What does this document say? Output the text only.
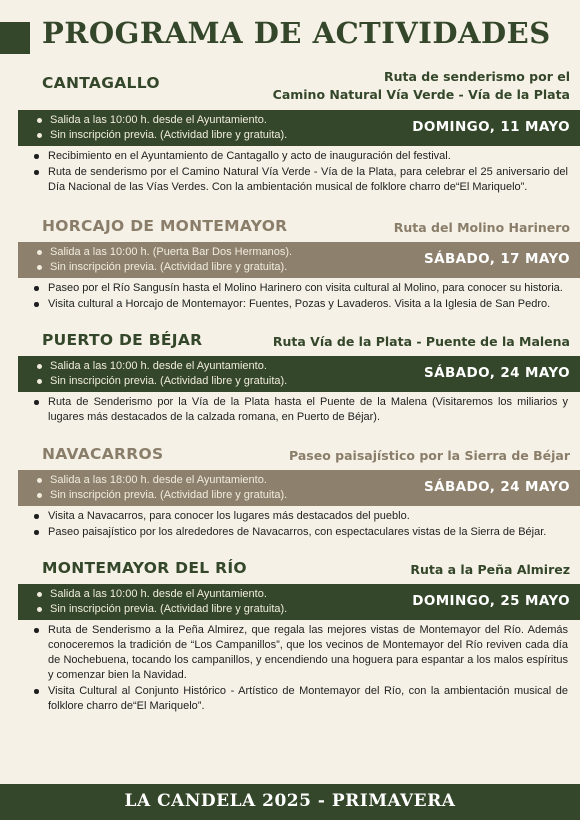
PROGRAMA DE ACTIVIDADES
CANTAGALLO	Ruta de senderismo por el
Camino Natural Vía Verde - Vía de la Plata
Salida a las 10:00 h. desde el Ayuntamiento.
Sin inscripción previa. (Actividad libre y gratuita).	DOMINGO, 11 MAYO
Recibimiento en el Ayuntamiento de Cantagallo y acto de inauguración del festival.
Ruta de senderismo por el Camino Natural Vía Verde - Vía de la Plata, para celebrar el 25 aniversario del Día Nacional de las Vías Verdes. Con la ambientación musical de folklore charro de“El Mariquelo”.
HORCAJO DE MONTEMAYOR	Ruta del Molino Harinero
Salida a las 10:00 h. (Puerta Bar Dos Hermanos).
Sin inscripción previa. (Actividad libre y gratuita).	SÁBADO, 17 MAYO
Paseo por el Río Sangusín hasta el Molino Harinero con visita cultural al Molino, para conocer su historia.
Visita cultural a Horcajo de Montemayor: Fuentes, Pozas y Lavaderos. Visita a la Iglesia de San Pedro.
PUERTO DE BÉJAR	Ruta Vía de la Plata - Puente de la Malena
Salida a las 10:00 h. desde el Ayuntamiento.
Sin inscripción previa. (Actividad libre y gratuita).	SÁBADO, 24 MAYO
Ruta de Senderismo por la Vía de la Plata hasta el Puente de la Malena (Visitaremos los miliarios y lugares más destacados de la calzada romana, en Puerto de Béjar).
NAVACARROS	Paseo paisajístico por la Sierra de Béjar
Salida a las 18:00 h. desde el Ayuntamiento.
Sin inscripción previa. (Actividad libre y gratuita).	SÁBADO, 24 MAYO
Visita a Navacarros, para conocer los lugares más destacados del pueblo.
Paseo paisajístico por los alrededores de Navacarros, con espectaculares vistas de la Sierra de Béjar.
MONTEMAYOR DEL RÍO	Ruta a la Peña Almirez
Salida a las 10:00 h. desde el Ayuntamiento.
Sin inscripción previa. (Actividad libre y gratuita).	DOMINGO, 25 MAYO
Ruta de Senderismo a la Peña Almirez, que regala las mejores vistas de Montemayor del Río. Además conoceremos la tradición de “Los Campanillos”, que los vecinos de Montemayor del Río reviven cada día de Nochebuena, tocando los campanillos, y encendiendo una hoguera para espantar a los malos espíritus y comenzar bien la Navidad.
Visita Cultural al Conjunto Histórico - Artístico de Montemayor del Río, con la ambientación musical de folklore charro de“El Mariquelo”.
LA CANDELA 2025 - PRIMAVERA
